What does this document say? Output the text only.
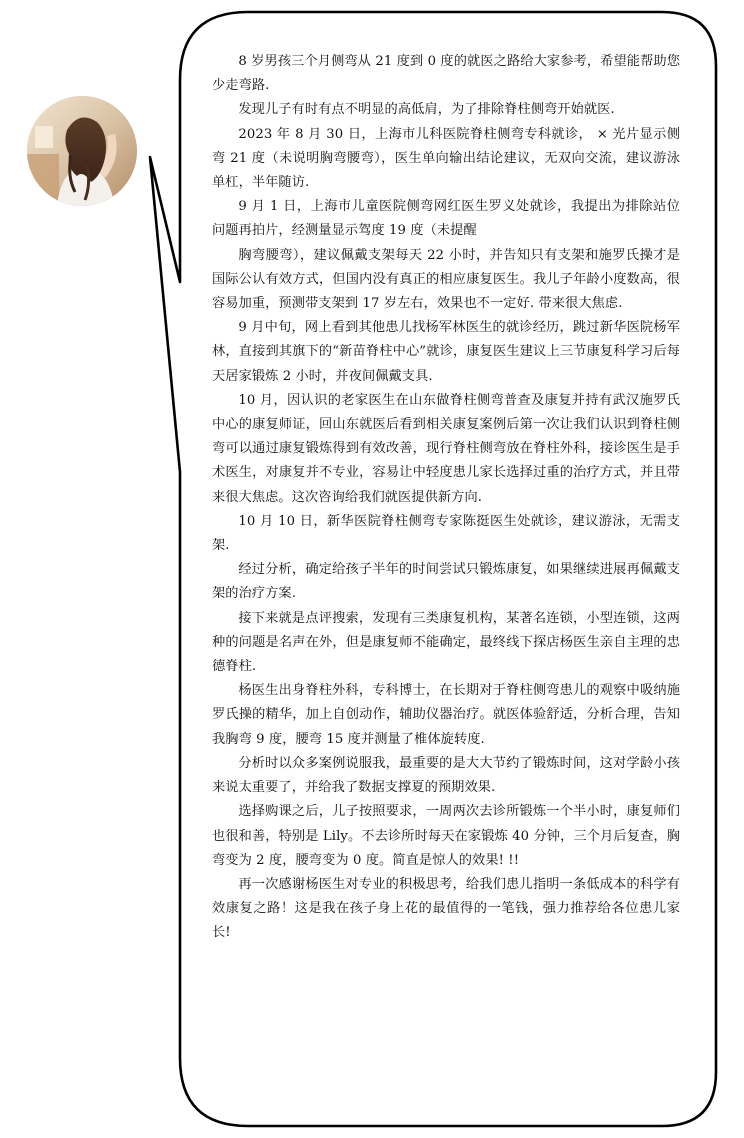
8 岁男孩三个月侧弯从 21 度到 0 度的就医之路给大家参考，希望能帮助您少走弯路.

发现儿子有时有点不明显的高低肩，为了排除脊柱侧弯开始就医.

2023 年 8 月 30 日，上海市儿科医院脊柱侧弯专科就诊， × 光片显示侧弯 21 度（未说明胸弯腰弯），医生单向输出结论建议，无双向交流，建议游泳单杠，半年随访.

9 月 1 日，上海市儿童医院侧弯网红医生罗义处就诊，我提出为排除站位问题再拍片，经测量显示驾度 19 度（未提醒

胸弯腰弯），建议佩戴支架每天 22 小时，并告知只有支架和施罗氏操才是国际公认有效方式，但国内没有真正的相应康复医生。我儿子年龄小度数高，很容易加重，预测带支架到 17 岁左右，效果也不一定好. 带来很大焦虑.

9 月中旬，网上看到其他患儿找杨军林医生的就诊经历，跳过新华医院杨军林，直接到其旗下的“新苗脊柱中心”就诊，康复医生建议上三节康复科学习后每天居家锻炼 2 小时，并夜间佩戴支具.

10 月，因认识的老家医生在山东做脊柱侧弯普查及康复并持有武汉施罗氏中心的康复师证，回山东就医后看到相关康复案例后第一次让我们认识到脊柱侧弯可以通过康复锻炼得到有效改善，现行脊柱侧弯放在脊柱外科，接诊医生是手术医生，对康复并不专业，容易让中轻度患儿家长选择过重的治疗方式，并且带来很大焦虑。这次咨询给我们就医提供新方向.

10 月 10 日，新华医院脊柱侧弯专家陈挺医生处就诊，建议游泳，无需支架.

经过分析，确定给孩子半年的时间尝试只锻炼康复，如果继续进展再佩戴支架的治疗方案.

接下来就是点评搜索，发现有三类康复机构，某著名连锁，小型连锁，这两种的问题是名声在外，但是康复师不能确定，最终线下探店杨医生亲自主理的忠德脊柱.

杨医生出身脊柱外科，专科博士，在长期对于脊柱侧弯患儿的观察中吸纳施罗氏操的精华，加上自创动作，辅助仪器治疗。就医体验舒适，分析合理，告知我胸弯 9 度，腰弯 15 度并测量了椎体旋转度.

分析时以众多案例说服我，最重要的是大大节约了锻炼时间，这对学龄小孩来说太重要了，并给我了数据支撑夏的预期效果.

选择购课之后，儿子按照要求，一周两次去诊所锻炼一个半小时，康复师们也很和善，特别是 Lily。不去诊所时每天在家锻炼 40 分钟，三个月后复查，胸弯变为 2 度，腰弯变为 0 度。简直是惊人的效果! !!

再一次感谢杨医生对专业的积极思考，给我们患儿指明一条低成本的科学有效康复之路！这是我在孩子身上花的最值得的一笔钱，强力推荐给各位患儿家长!
